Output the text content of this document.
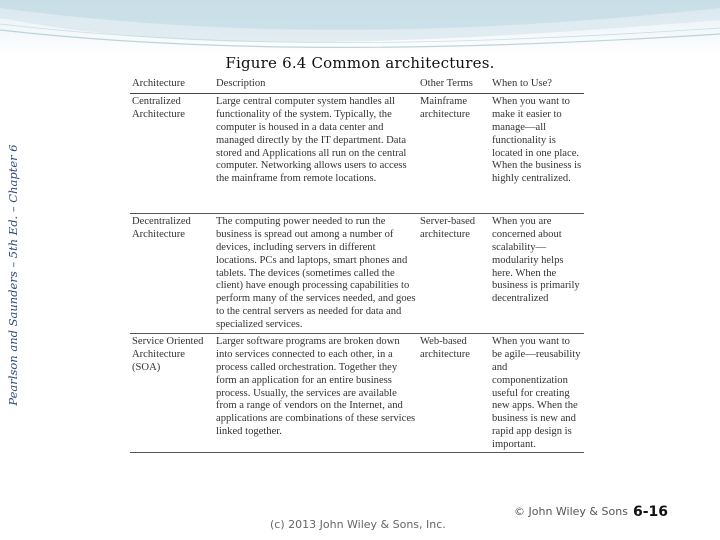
Pearlson and Saunders – 5th Ed. – Chapter 6
Figure 6.4 Common architectures.
Architecture	Description	Other Terms	When to Use?
Centralized Architecture	Large central computer system handles all functionality of the system. Typically, the computer is housed in a data center and managed directly by the IT department. Data stored and Applications all run on the central computer. Networking allows users to access the mainframe from remote locations.	Mainframe architecture	When you want to make it easier to manage—all functionality is located in one place. When the business is highly centralized.
Decentralized Architecture	The computing power needed to run the business is spread out among a number of devices, including servers in different locations. PCs and laptops, smart phones and tablets. The devices (sometimes called the client) have enough processing capabilities to perform many of the services needed, and goes to the central servers as needed for data and specialized services.	Server-based architecture	When you are concerned about scalability—modularity helps here. When the business is primarily decentralized
Service Oriented Architecture (SOA)	Larger software programs are broken down into services connected to each other, in a process called orchestration. Together they form an application for an entire business process. Usually, the services are available from a range of vendors on the Internet, and applications are combinations of these services linked together.	Web-based architecture	When you want to be agile—reusability and componentization useful for creating new apps. When the business is new and rapid app design is important.
(c) 2013 John Wiley & Sons, Inc.
© John Wiley & Sons 6-16
